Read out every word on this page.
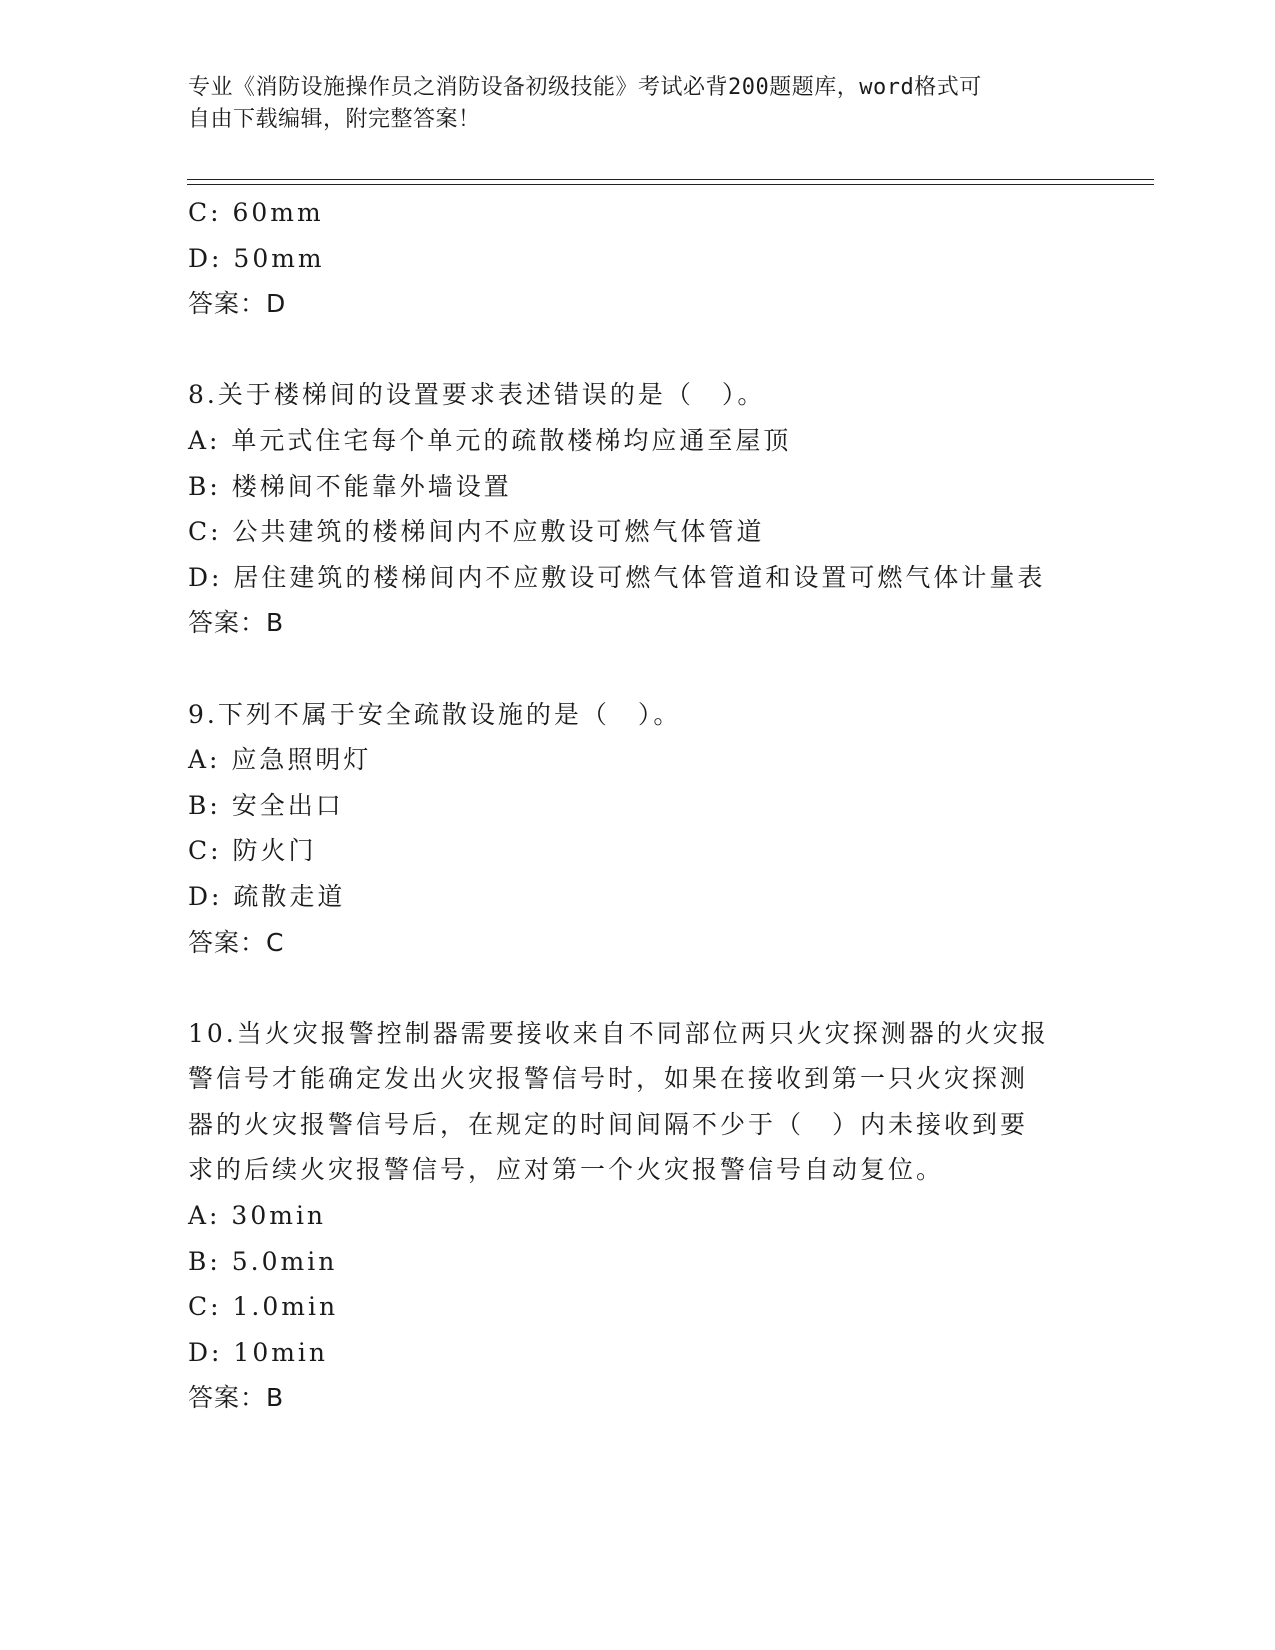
专业《消防设施操作员之消防设备初级技能》考试必背200题题库，word格式可
自由下载编辑，附完整答案！
C: 60mm
D: 50mm
答案：D
8.关于楼梯间的设置要求表述错误的是（　）。
A: 单元式住宅每个单元的疏散楼梯均应通至屋顶
B: 楼梯间不能靠外墙设置
C: 公共建筑的楼梯间内不应敷设可燃气体管道
D: 居住建筑的楼梯间内不应敷设可燃气体管道和设置可燃气体计量表
答案：B
9.下列不属于安全疏散设施的是（　）。
A: 应急照明灯
B: 安全出口
C: 防火门
D: 疏散走道
答案：C
10.当火灾报警控制器需要接收来自不同部位两只火灾探测器的火灾报
警信号才能确定发出火灾报警信号时，如果在接收到第一只火灾探测
器的火灾报警信号后，在规定的时间间隔不少于（　）内未接收到要
求的后续火灾报警信号，应对第一个火灾报警信号自动复位。
A: 30min
B: 5.0min
C: 1.0min
D: 10min
答案：B
